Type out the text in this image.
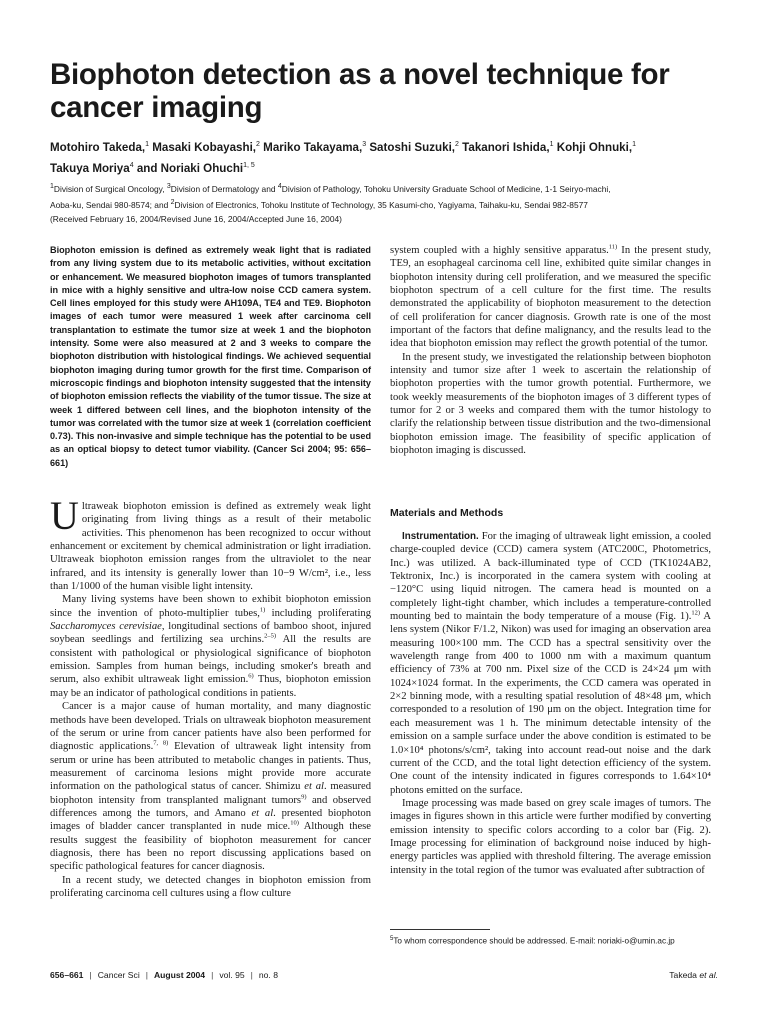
Biophoton detection as a novel technique for cancer imaging
Motohiro Takeda,$^1$ Masaki Kobayashi,$^2$ Mariko Takayama,$^3$ Satoshi Suzuki,$^2$ Takanori Ishida,$^1$ Kohji Ohnuki,$^1$
Takuya Moriya$^4$ and Noriaki Ohuchi$^{1, 5}$
$^1$Division of Surgical Oncology, $^3$Division of Dermatology and $^4$Division of Pathology, Tohoku University Graduate School of Medicine, 1-1 Seiryo-machi,
Aoba-ku, Sendai 980-8574; and $^2$Division of Electronics, Tohoku Institute of Technology, 35 Kasumi-cho, Yagiyama, Taihaku-ku, Sendai 982-8577
(Received February 16, 2004/Revised June 16, 2004/Accepted June 16, 2004)

Biophoton emission is defined as extremely weak light that is radiated from any living system due to its metabolic activities, without excitation or enhancement. We measured biophoton images of tumors transplanted in mice with a highly sensitive and ultra-low noise CCD camera system. Cell lines employed for this study were AH109A, TE4 and TE9. Biophoton images of each tumor were measured 1 week after carcinoma cell transplantation to estimate the tumor size at week 1 and the biophoton intensity. Some were also measured at 2 and 3 weeks to compare the biophoton distribution with histological findings. We achieved sequential biophoton imaging during tumor growth for the first time. Comparison of microscopic findings and biophoton intensity suggested that the intensity of biophoton emission reflects the viability of the tumor tissue. The size at week 1 differed between cell lines, and the biophoton intensity of the tumor was correlated with the tumor size at week 1 (correlation coefficient 0.73). This non-invasive and simple technique has the potential to be used as an optical biopsy to detect tumor viability. (Cancer Sci 2004; 95: 656–661)

Ultraweak biophoton emission is defined as extremely weak light originating from living things as a result of their metabolic activities. This phenomenon has been recognized to occur without enhancement or excitement by chemical administration or light irradiation. Ultraweak biophoton emission ranges from the ultraviolet to the near infrared, and its intensity is generally lower than 10−9 W/cm², i.e., less than 1/1000 of the human visible light intensity.

Many living systems have been shown to exhibit biophoton emission since the invention of photo-multiplier tubes,$^{1)}$ including proliferating Saccharomyces cerevisiae, longitudinal sections of bamboo shoot, injured soybean seedlings and fertilizing sea urchins.$^{2-5)}$ All the results are consistent with pathological or physiological significance of biophoton emission. Samples from human beings, including smoker's breath and serum, also exhibit ultraweak light emission.$^{6)}$ Thus, biophoton emission may be an indicator of pathological conditions in patients.

Cancer is a major cause of human mortality, and many diagnostic methods have been developed. Trials on ultraweak biophoton measurement of the serum or urine from cancer patients have also been performed for diagnostic applications.$^{7, 8)}$ Elevation of ultraweak light intensity from serum or urine has been attributed to metabolic changes in patients. Thus, measurement of carcinoma lesions might provide more accurate information on the pathological status of cancer. Shimizu et al. measured biophoton intensity from transplanted malignant tumors$^{9)}$ and observed differences among the tumors, and Amano et al. presented biophoton images of bladder cancer transplanted in nude mice.$^{10)}$ Although these results suggest the feasibility of biophoton measurement for cancer diagnosis, there has been no report discussing applications based on specific pathological features for cancer diagnosis.

In a recent study, we detected changes in biophoton emission from proliferating carcinoma cell cultures using a flow culture

system coupled with a highly sensitive apparatus.$^{11)}$ In the present study, TE9, an esophageal carcinoma cell line, exhibited quite similar changes in biophoton intensity during cell proliferation, and we measured the specific biophoton spectrum of a cell culture for the first time. The results demonstrated the applicability of biophoton measurement to the detection of cell proliferation for cancer diagnosis. Growth rate is one of the most important of the factors that define malignancy, and the results lead to the idea that biophoton emission may reflect the growth potential of the tumor.

In the present study, we investigated the relationship between biophoton intensity and tumor size after 1 week to ascertain the relationship of biophoton properties with the tumor growth potential. Furthermore, we took weekly measurements of the biophoton images of 3 different types of tumor for 2 or 3 weeks and compared them with the tumor histology to clarify the relationship between tissue distribution and the two-dimensional biophoton emission image. The feasibility of specific application of biophoton imaging is discussed.

Materials and Methods

Instrumentation. For the imaging of ultraweak light emission, a cooled charge-coupled device (CCD) camera system (ATC200C, Photometrics, Inc.) was utilized. A back-illuminated type of CCD (TK1024AB2, Tektronix, Inc.) is incorporated in the camera system with cooling at −120°C using liquid nitrogen. The camera head is mounted on a completely light-tight chamber, which includes a temperature-controlled mounting bed to maintain the body temperature of a mouse (Fig. 1).$^{12)}$ A lens system (Nikor F/1.2, Nikon) was used for imaging an observation area measuring 100×100 mm. The CCD has a spectral sensitivity over the wavelength range from 400 to 1000 nm with a maximum quantum efficiency of 73% at 700 nm. Pixel size of the CCD is 24×24 μm with 1024×1024 format. In the experiments, the CCD camera was operated in 2×2 binning mode, with a resulting spatial resolution of 48×48 μm, which corresponded to a resolution of 190 μm on the object. Integration time for each measurement was 1 h. The minimum detectable intensity of the emission on a sample surface under the above condition is estimated to be 1.0×10⁴ photons/s/cm², taking into account read-out noise and the dark current of the CCD, and the total light detection efficiency of the system. One count of the intensity indicated in figures corresponds to 1.64×10⁴ photons emitted on the surface.

Image processing was made based on grey scale images of tumors. The images in figures shown in this article were further modified by converting emission intensity to specific colors according to a color bar (Fig. 2). Image processing for elimination of background noise induced by high-energy particles was applied with threshold filtering. The average emission intensity in the total region of the tumor was evaluated after subtraction of

$^5$To whom correspondence should be addressed. E-mail: noriaki-o@umin.ac.jp
656–661 | Cancer Sci | August 2004 | vol. 95 | no. 8	Takeda et al.
